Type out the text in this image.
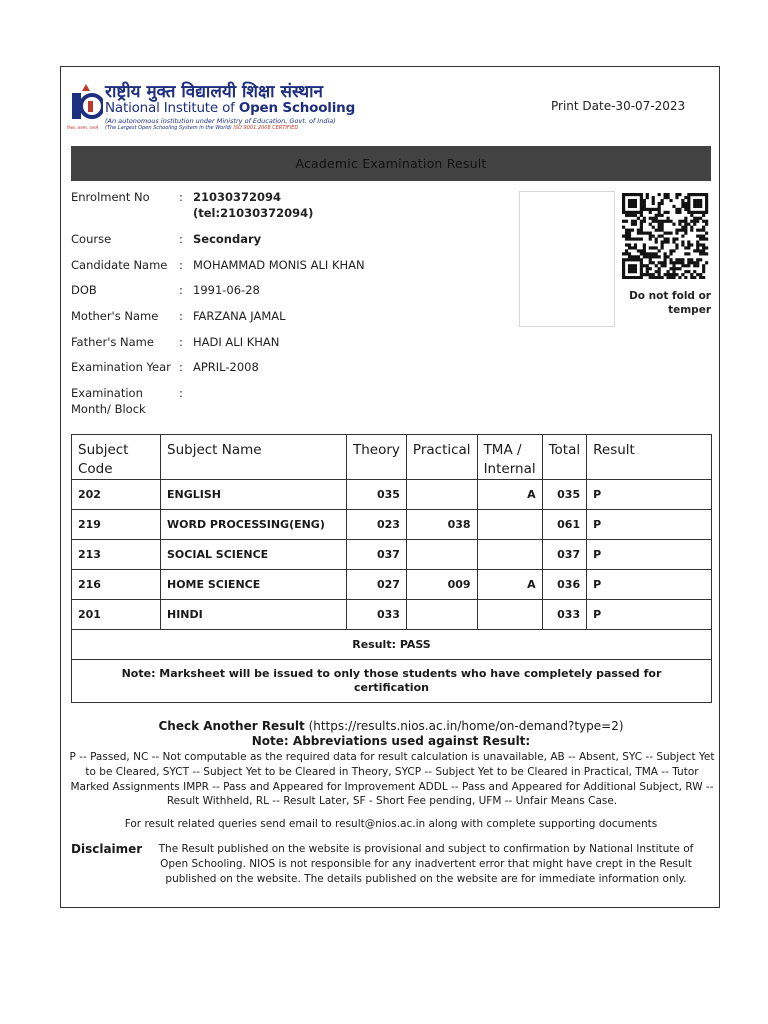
शिक्षा, अवसर, उत्कर्ष
राष्ट्रीय मुक्त विद्यालयी शिक्षा संस्थान
National Institute of Open Schooling
(An autonomous institution under Ministry of Education, Govt. of India)
(The Largest Open Schooling System in the World) ISO 9001:2008 CERTIFIED
Print Date-30-07-2023
Academic Examination Result
Enrolment No	: 21030372094
(tel:21030372094)
Course	: Secondary
Candidate Name : MOHAMMAD MONIS ALI KHAN
DOB	: 1991-06-28
Mother's Name : FARZANA JAMAL
Father's Name : HADI ALI KHAN
Examination Year : APRIL-2008
Examination
Month/ Block
:
Do not fold or temper
Subject Code	Subject Name	Theory	Practical	TMA / Internal	Total	Result
202	ENGLISH	035		A	035	P
219	WORD PROCESSING(ENG)	023	038		061	P
213	SOCIAL SCIENCE	037			037	P
216	HOME SCIENCE	027	009	A	036	P
201	HINDI	033			033	P
Result: PASS						
Note: Marksheet will be issued to only those students who have completely passed for certification						
Check Another Result (https://results.nios.ac.in/home/on-demand?type=2)
Note: Abbreviations used against Result:
P -- Passed, NC -- Not computable as the required data for result calculation is unavailable, AB -- Absent, SYC -- Subject Yet to be Cleared, SYCT -- Subject Yet to be Cleared in Theory, SYCP -- Subject Yet to be Cleared in Practical, TMA -- Tutor Marked Assignments IMPR -- Pass and Appeared for Improvement ADDL -- Pass and Appeared for Additional Subject, RW -- Result Withheld, RL -- Result Later, SF - Short Fee pending, UFM -- Unfair Means Case.
For result related queries send email to result@nios.ac.in along with complete supporting documents
Disclaimer	The Result published on the website is provisional and subject to confirmation by National Institute of Open Schooling. NIOS is not responsible for any inadvertent error that might have crept in the Result published on the website. The details published on the website are for immediate information only.
